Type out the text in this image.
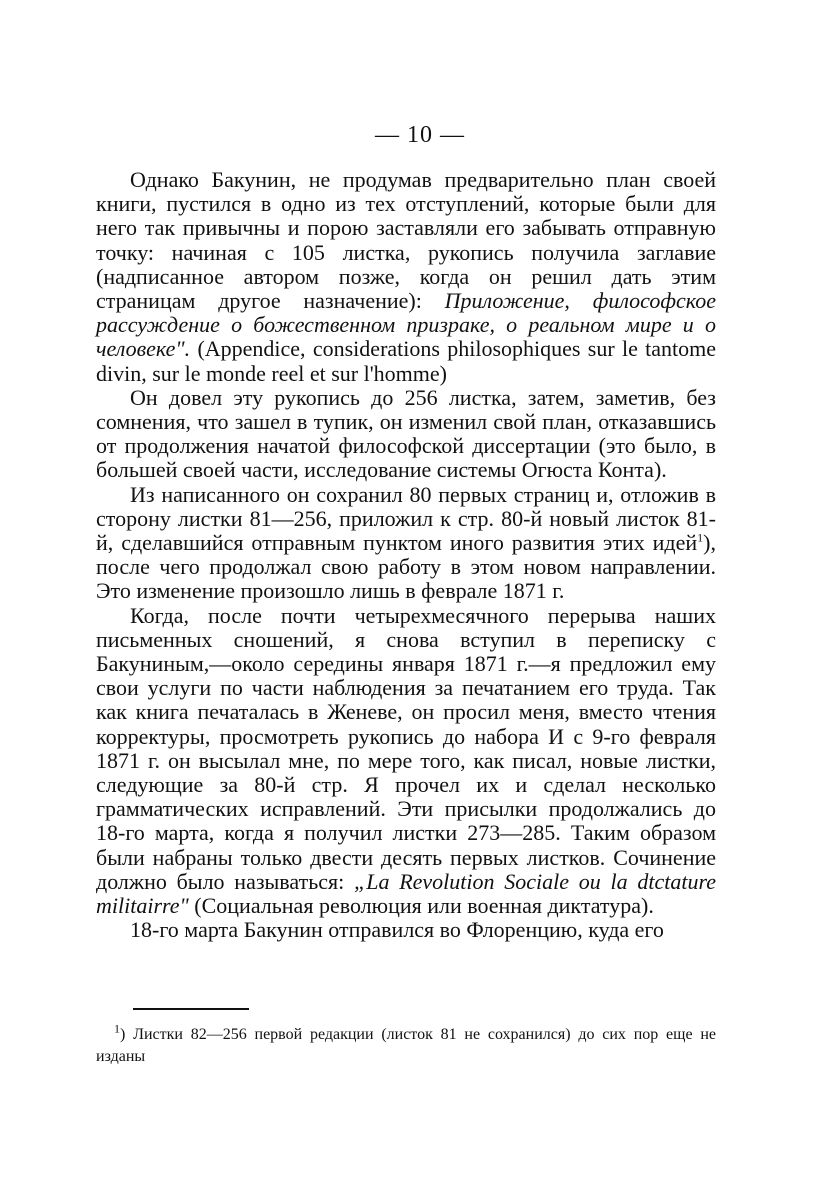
— 10 —

Однако Бакунин, не продумав предварительно план своей книги, пустился в одно из тех отступлений, которые были для него так привычны и порою заставляли его забывать отправную точку: начиная с 105 листка, рукопись получила заглавие (надписанное автором позже, когда он решил дать этим страницам другое назначение): Приложение, философское рассуждение о божественном призраке, о реальном мире и о человеке". (Appendice, considerations philosophiques sur le tantome divin, sur le monde reel et sur l'homme)

Он довел эту рукопись до 256 листка, затем, заметив, без сомнения, что зашел в тупик, он изменил свой план, отказавшись от продолжения начатой философской диссертации (это было, в большей своей части, исследование системы Огюста Конта).

Из написанного он сохранил 80 первых страниц и, отложив в сторону листки 81—256, приложил к стр. 80-й новый листок 81-й, сделавшийся отправным пунктом иного развития этих идей$^1$), после чего продолжал свою работу в этом новом направлении. Это изменение произошло лишь в феврале 1871 г.

Когда, после почти четырехмесячного перерыва наших письменных сношений, я снова вступил в переписку с Бакуниным,—около середины января 1871 г.—я предложил ему свои услуги по части наблюдения за печатанием его труда. Так как книга печаталась в Женеве, он просил меня, вместо чтения корректуры, просмотреть рукопись до набора И с 9-го февраля 1871 г. он высылал мне, по мере того, как писал, новые листки, следующие за 80-й стр. Я прочел их и сделал несколько грамматических исправлений. Эти присылки продолжались до 18-го марта, когда я получил листки 273—285. Таким образом были набраны только двести десять первых листков. Сочинение должно было называться: „La Revolution Sociale ou la dtctature militairre" (Социальная революция или военная диктатура).

18-го марта Бакунин отправился во Флоренцию, куда его

$^1$) Листки 82—256 первой редакции (листок 81 не сохранился) до сих пор еще не изданы
